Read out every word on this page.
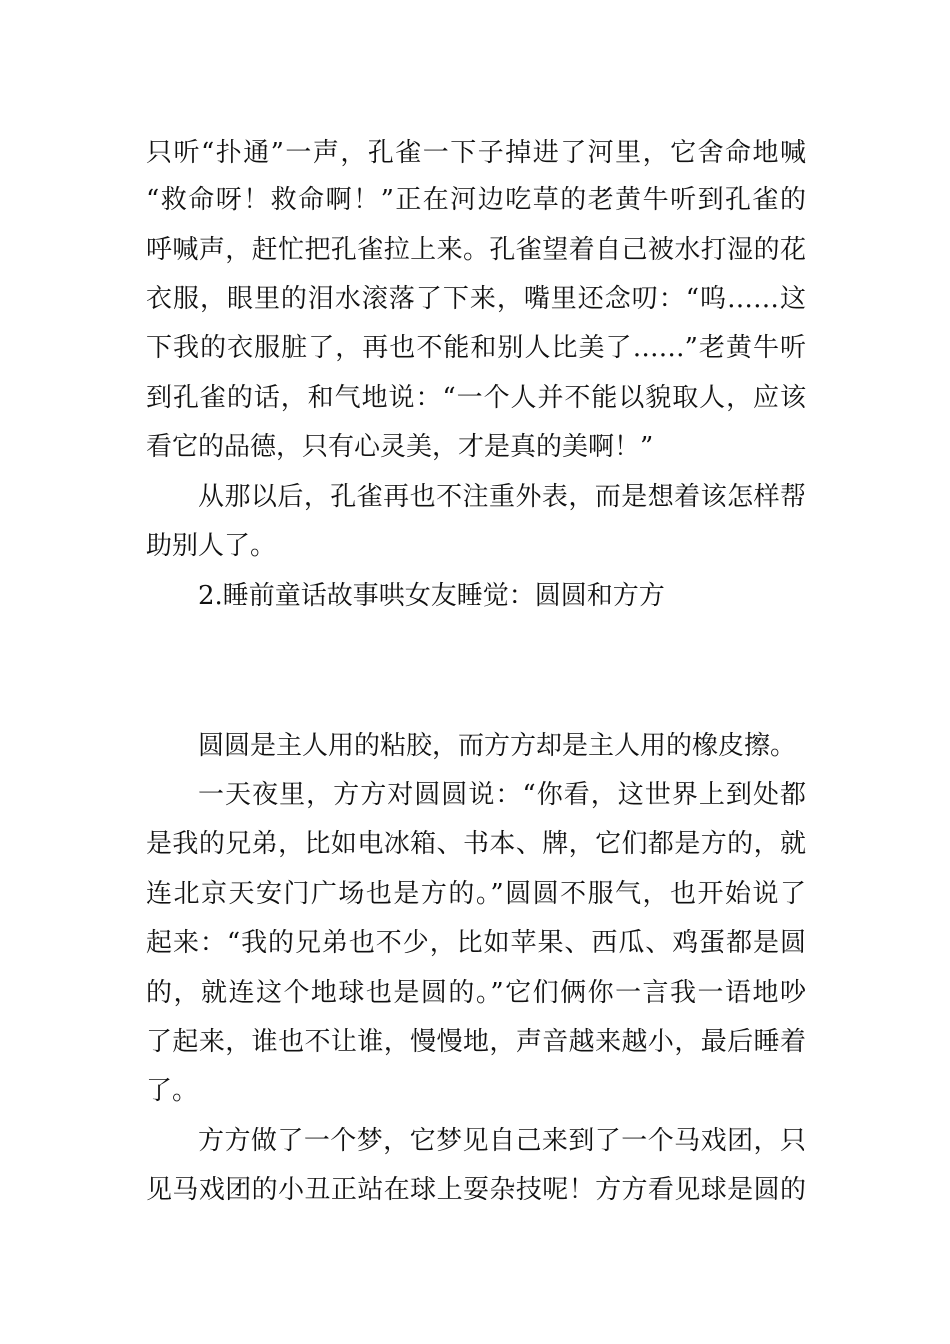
只听“扑通”一声，孔雀一下子掉进了河里，它舍命地喊
“救命呀！救命啊！”正在河边吃草的老黄牛听到孔雀的
呼喊声，赶忙把孔雀拉上来。孔雀望着自己被水打湿的花
衣服，眼里的泪水滚落了下来，嘴里还念叨：“呜……这
下我的衣服脏了，再也不能和别人比美了……”老黄牛听
到孔雀的话，和气地说：“一个人并不能以貌取人，应该
看它的品德，只有心灵美，才是真的美啊！”
从那以后，孔雀再也不注重外表，而是想着该怎样帮
助别人了。
2.睡前童话故事哄女友睡觉：圆圆和方方
圆圆是主人用的粘胶，而方方却是主人用的橡皮擦。
一天夜里，方方对圆圆说：“你看，这世界上到处都
是我的兄弟，比如电冰箱、书本、牌，它们都是方的，就
连北京天安门广场也是方的。”圆圆不服气，也开始说了
起来：“我的兄弟也不少，比如苹果、西瓜、鸡蛋都是圆
的，就连这个地球也是圆的。”它们俩你一言我一语地吵
了起来，谁也不让谁，慢慢地，声音越来越小，最后睡着
了。
方方做了一个梦，它梦见自己来到了一个马戏团，只
见马戏团的小丑正站在球上耍杂技呢！方方看见球是圆的
